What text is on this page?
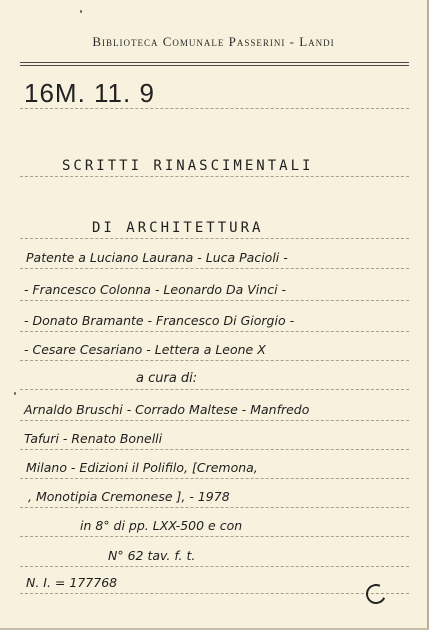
Biblioteca Comunale Passerini - Landi
16M. 11. 9
SCRITTI RINASCIMENTALI
DI ARCHITETTURA
Patente a Luciano Laurana - Luca Pacioli -
- Francesco Colonna - Leonardo Da Vinci -
- Donato Bramante - Francesco Di Giorgio -
- Cesare Cesariano - Lettera a Leone X
a cura di:
Arnaldo Bruschi - Corrado Maltese - Manfredo
Tafuri - Renato Bonelli
Milano - Edizioni il Polifilo, [Cremona,
, Monotipia Cremonese ], - 1978
in 8° di pp. LXX-500 e con
N° 62 tav. f. t.
N. I. = 177768
